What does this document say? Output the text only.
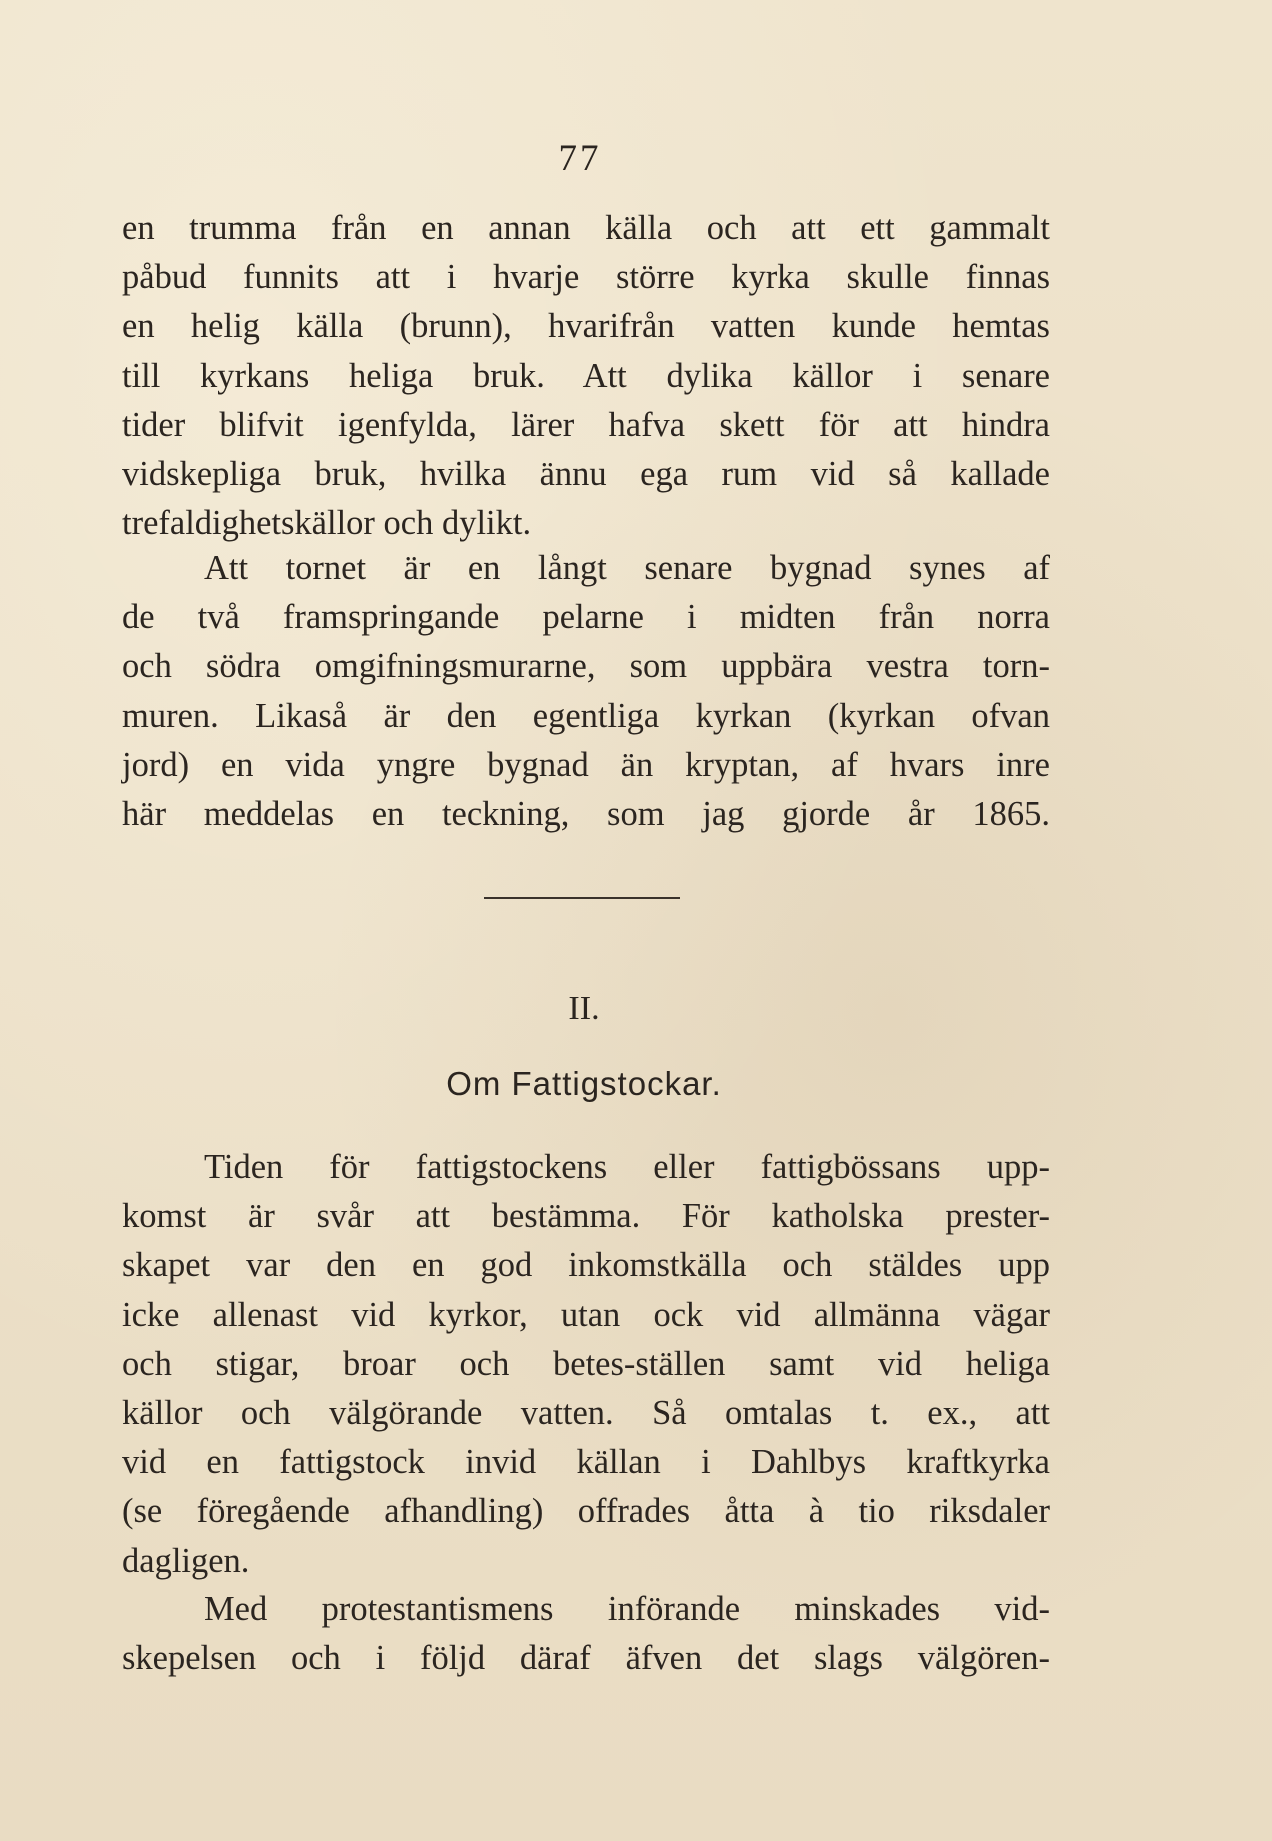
77
en trumma från en annan källa och att ett gammalt
påbud funnits att i hvarje större kyrka skulle finnas
en helig källa (brunn), hvarifrån vatten kunde hemtas
till kyrkans heliga bruk. Att dylika källor i senare
tider blifvit igenfylda, lärer hafva skett för att hindra
vidskepliga bruk, hvilka ännu ega rum vid så kallade
trefaldighetskällor och dylikt.
Att tornet är en långt senare bygnad synes af
de två framspringande pelarne i midten från norra
och södra omgifningsmurarne, som uppbära vestra torn-
muren. Likaså är den egentliga kyrkan (kyrkan ofvan
jord) en vida yngre bygnad än kryptan, af hvars inre
här meddelas en teckning, som jag gjorde år 1865.
II.
Om Fattigstockar.
Tiden för fattigstockens eller fattigbössans upp-
komst är svår att bestämma. För katholska prester-
skapet var den en god inkomstkälla och stäldes upp
icke allenast vid kyrkor, utan ock vid allmänna vägar
och stigar, broar och betes-ställen samt vid heliga
källor och välgörande vatten. Så omtalas t. ex., att
vid en fattigstock invid källan i Dahlbys kraftkyrka
(se föregående afhandling) offrades åtta à tio riksdaler
dagligen.
Med protestantismens införande minskades vid-
skepelsen och i följd däraf äfven det slags välgören-
